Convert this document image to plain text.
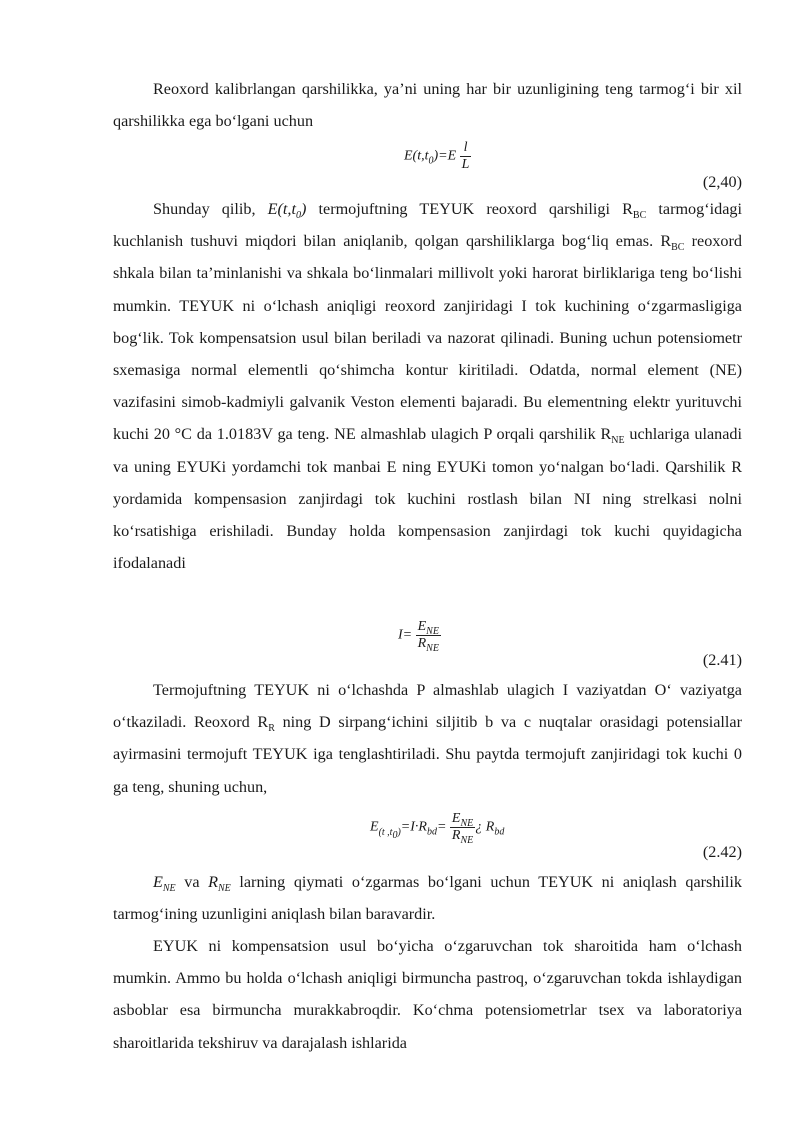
Reoxord kalibrlangan qarshilikka, ya’ni uning har bir uzunligining teng tarmog‘i bir xil qarshilikka ega bo‘lgani uchun

$E(t,t_0)=E \frac{l}{L}$
(2,40)

Shunday qilib, $E(t,t_0)$ termojuftning TEYUK reoxord qarshiligi $R_{BC}$ tarmog‘idagi kuchlanish tushuvi miqdori bilan aniqlanib, qolgan qarshiliklarga bog‘liq emas. $R_{BC}$ reoxord shkala bilan ta’minlanishi va shkala bo‘linmalari millivolt yoki harorat birliklariga teng bo‘lishi mumkin. TEYUK ni o‘lchash aniqligi reoxord zanjiridagi I tok kuchining o‘zgarmasligiga bog‘lik. Tok kompensatsion usul bilan beriladi va nazorat qilinadi. Buning uchun potensiometr sxemasiga normal elementli qo‘shimcha kontur kiritiladi. Odatda, normal element (NE) vazifasini simob-kadmiyli galvanik Veston elementi bajaradi. Bu elementning elektr yurituvchi kuchi 20 °C da 1.0183V ga teng. NE almashlab ulagich P orqali qarshilik $R_{NE}$ uchlariga ulanadi va uning EYUKi yordamchi tok manbai E ning EYUKi tomon yo‘nalgan bo‘ladi. Qarshilik R yordamida kompensasion zanjirdagi tok kuchini rostlash bilan NI ning strelkasi nolni ko‘rsatishiga erishiladi. Bunday holda kompensasion zanjirdagi tok kuchi quyidagicha ifodalanadi

$I= \frac{E_{NE}}{R_{NE}}$
(2.41)

Termojuftning TEYUK ni o‘lchashda P almashlab ulagich I vaziyatdan O‘ vaziyatga o‘tkaziladi. Reoxord $R_R$ ning D sirpang‘ichini siljitib b va c nuqtalar orasidagi potensiallar ayirmasini termojuft TEYUK iga tenglashtiriladi. Shu paytda termojuft zanjiridagi tok kuchi 0 ga teng, shuning uchun,

$E_{(t ,t_0)}=I\cdot R_{bd}= \frac{E_{NE}}{R_{NE}}$ ¿ $R_{bd}$
(2.42)

$E_{NE}$ va $R_{NE}$ larning qiymati o‘zgarmas bo‘lgani uchun TEYUK ni aniqlash qarshilik tarmog‘ining uzunligini aniqlash bilan baravardir.

EYUK ni kompensatsion usul bo‘yicha o‘zgaruvchan tok sharoitida ham o‘lchash mumkin. Ammo bu holda o‘lchash aniqligi birmuncha pastroq, o‘zgaruvchan tokda ishlaydigan asboblar esa birmuncha murakkabroqdir. Ko‘chma potensiometrlar tsex va laboratoriya sharoitlarida tekshiruv va darajalash ishlarida
